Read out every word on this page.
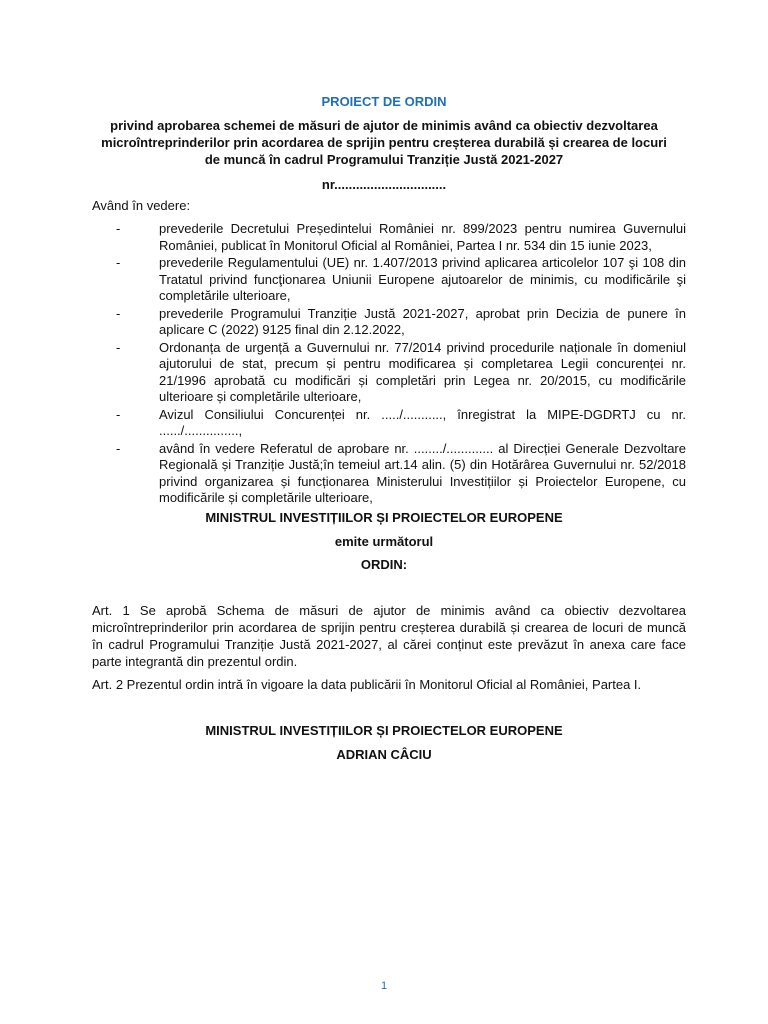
PROIECT DE ORDIN
privind aprobarea schemei de măsuri de ajutor de minimis având ca obiectiv dezvoltarea microîntreprinderilor prin acordarea de sprijin pentru creșterea durabilă și crearea de locuri de muncă în cadrul Programului Tranziție Justă 2021-2027
nr...............................
Având în vedere:
-	prevederile Decretului Președintelui României nr. 899/2023 pentru numirea Guvernului României, publicat în Monitorul Oficial al României, Partea I nr. 534 din 15 iunie 2023,
-	prevederile Regulamentului (UE) nr. 1.407/2013 privind aplicarea articolelor 107 şi 108 din Tratatul privind funcţionarea Uniunii Europene ajutoarelor de minimis, cu modificările şi completările ulterioare,
-	prevederile Programului Tranziție Justă 2021-2027, aprobat prin Decizia de punere în aplicare C (2022) 9125 final din 2.12.2022,
-	Ordonanța de urgență a Guvernului nr. 77/2014 privind procedurile naționale în domeniul ajutorului de stat, precum și pentru modificarea și completarea Legii concurenței nr. 21/1996 aprobată cu modificări și completări prin Legea nr. 20/2015, cu modificările ulterioare și completările ulterioare,
-	Avizul Consiliului Concurenței nr. ...../..........., înregistrat la MIPE-DGDRTJ cu nr. ....../...............,
-	având în vedere Referatul de aprobare nr. ......../............. al Direcției Generale Dezvoltare Regională și Tranziție Justă;în temeiul art.14 alin. (5) din Hotărârea Guvernului nr. 52/2018 privind organizarea și funcționarea Ministerului Investițiilor și Proiectelor Europene, cu modificările și completările ulterioare,
MINISTRUL INVESTIȚIILOR ȘI PROIECTELOR EUROPENE
emite următorul
ORDIN:
Art. 1 Se aprobă Schema de măsuri de ajutor de minimis având ca obiectiv dezvoltarea microîntreprinderilor prin acordarea de sprijin pentru creșterea durabilă și crearea de locuri de muncă în cadrul Programului Tranziție Justă 2021-2027, al cărei conținut este prevăzut în anexa care face parte integrantă din prezentul ordin.
Art. 2 Prezentul ordin intră în vigoare la data publicării în Monitorul Oficial al României, Partea I.
MINISTRUL INVESTIȚIILOR ȘI PROIECTELOR EUROPENE
ADRIAN CÂCIU
1
